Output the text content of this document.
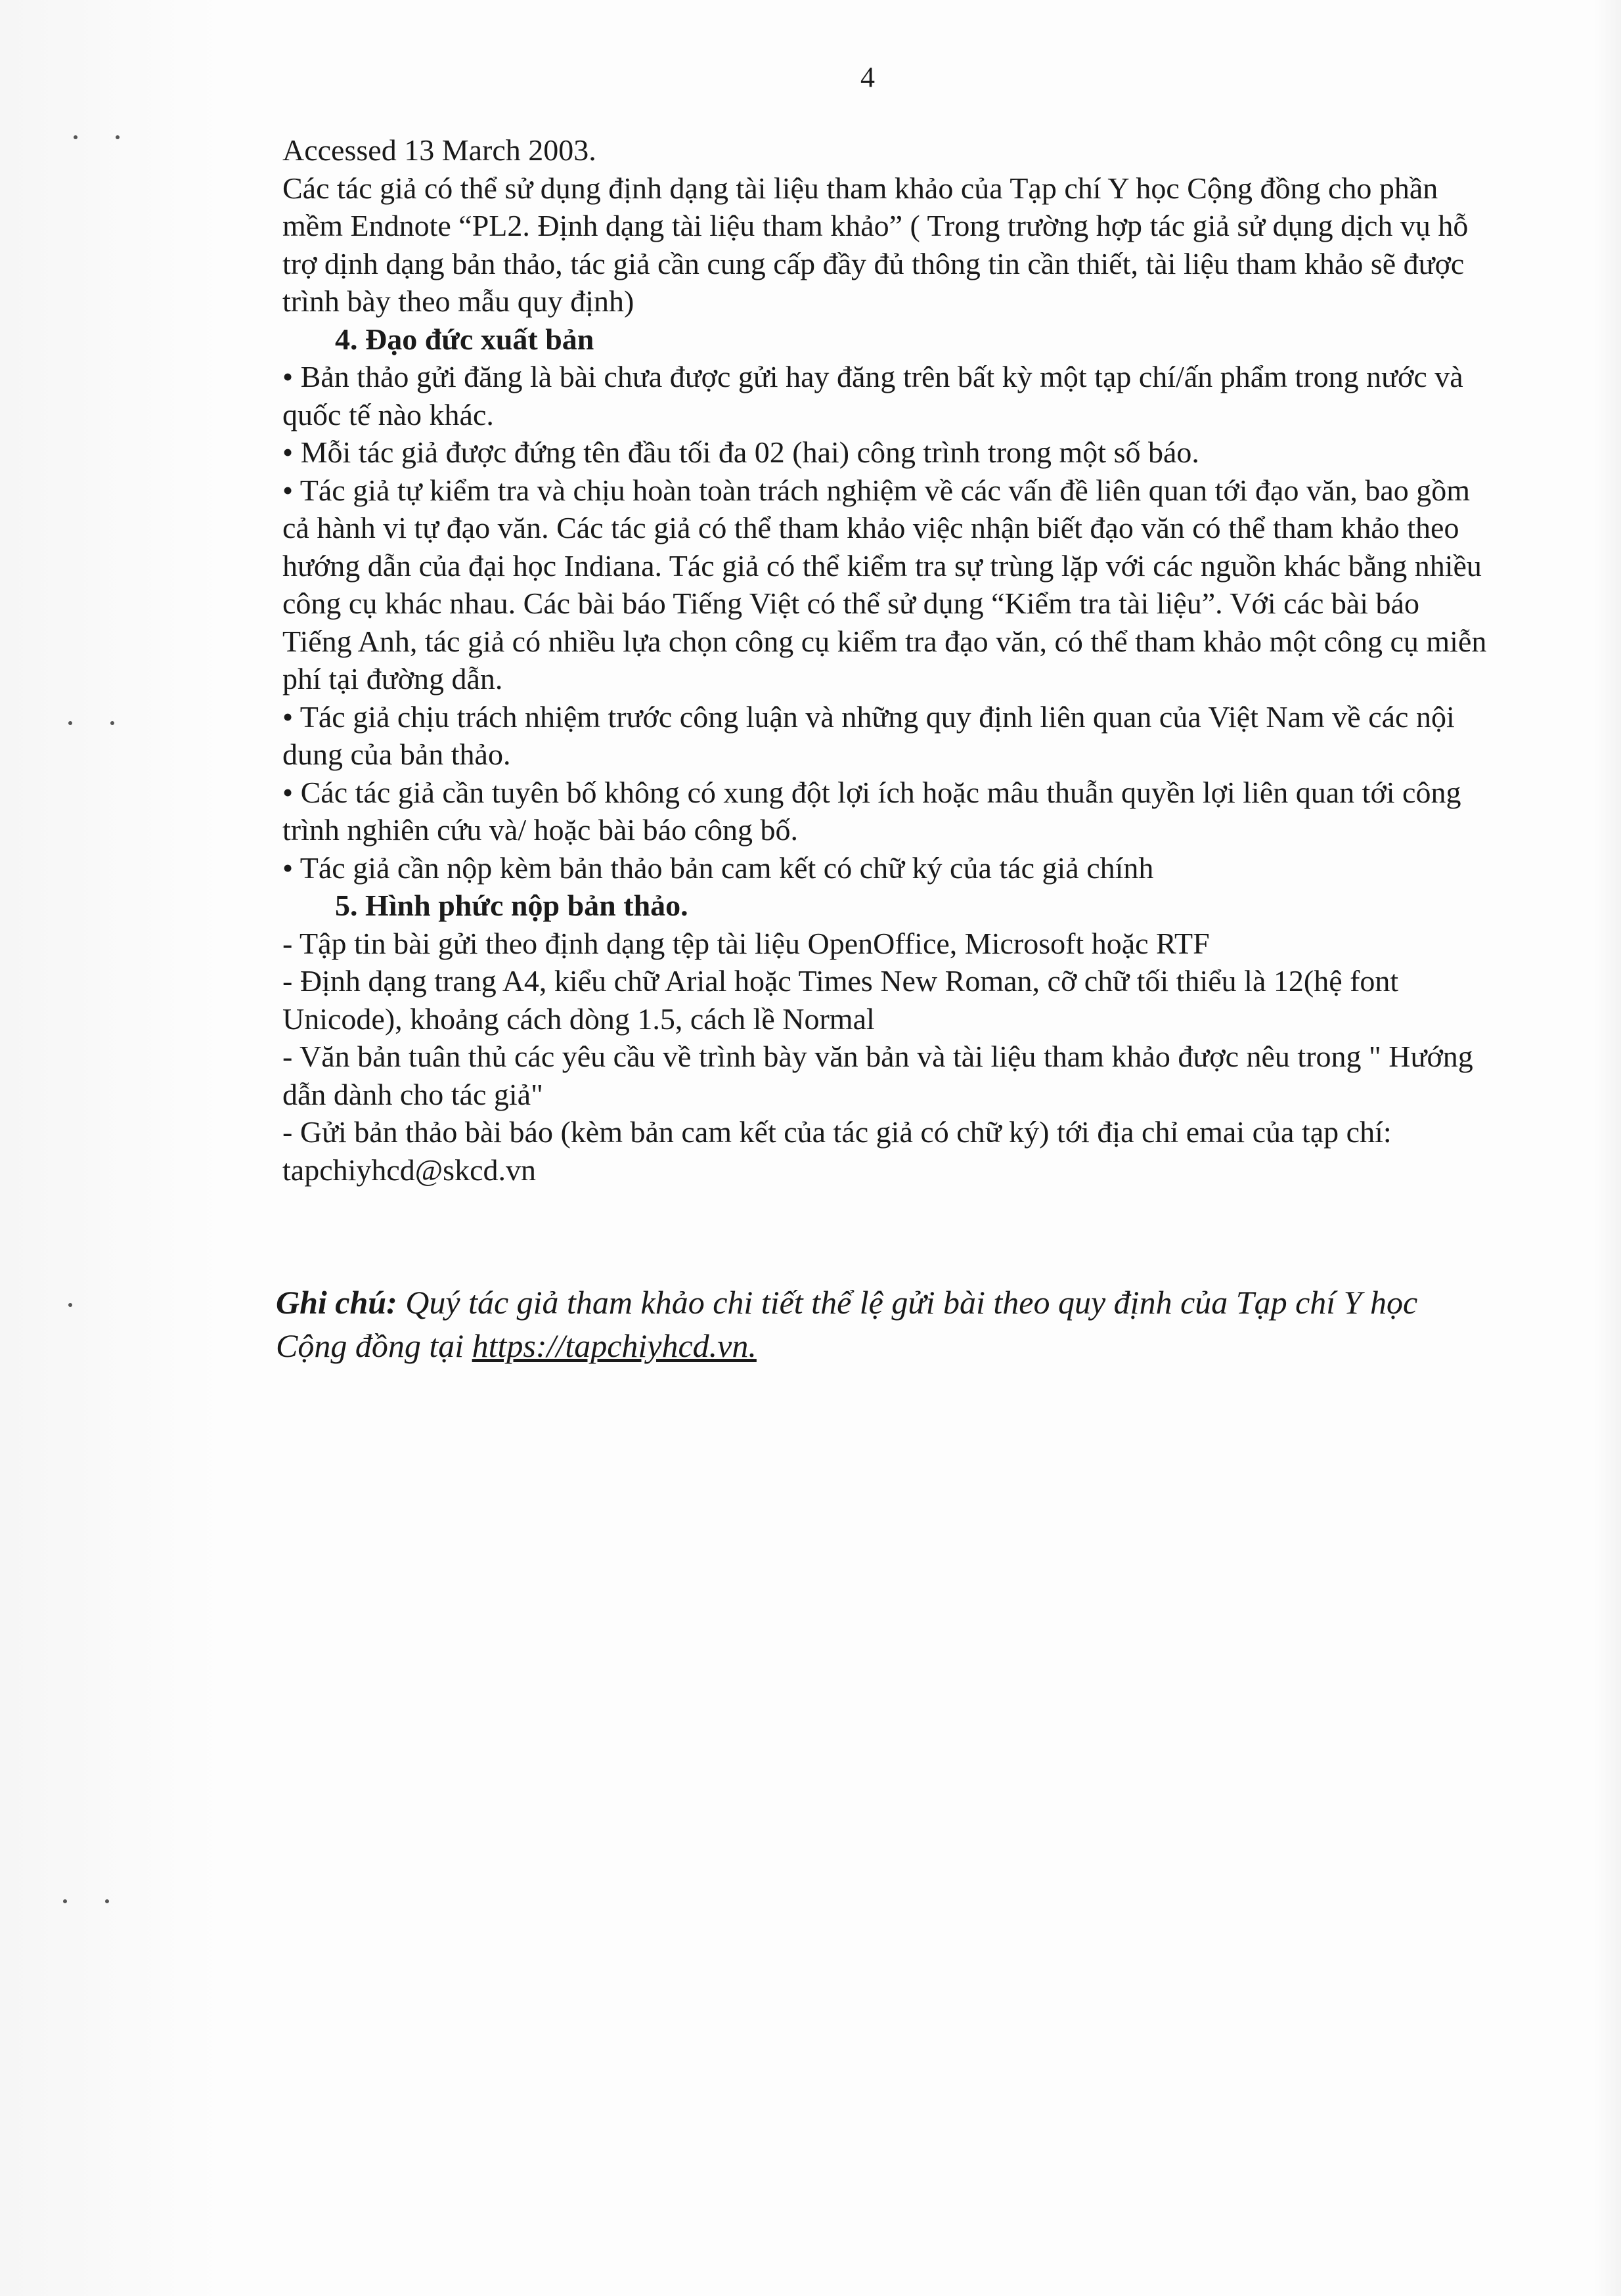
4

Accessed 13 March 2003.

Các tác giả có thể sử dụng định dạng tài liệu tham khảo của Tạp chí Y học Cộng đồng cho phần mềm Endnote “PL2. Định dạng tài liệu tham khảo” ( Trong trường hợp tác giả sử dụng dịch vụ hỗ trợ dịnh dạng bản thảo, tác giả cần cung cấp đầy đủ thông tin cần thiết, tài liệu tham khảo sẽ được trình bày theo mẫu quy định)

4. Đạo đức xuất bản

• Bản thảo gửi đăng là bài chưa được gửi hay đăng trên bất kỳ một tạp chí/ấn phẩm trong nước và quốc tế nào khác.

• Mỗi tác giả được đứng tên đầu tối đa 02 (hai) công trình trong một số báo.

• Tác giả tự kiểm tra và chịu hoàn toàn trách nghiệm về các vấn đề liên quan tới đạo văn, bao gồm cả hành vi tự đạo văn. Các tác giả có thể tham khảo việc nhận biết đạo văn có thể tham khảo theo hướng dẫn của đại học Indiana. Tác giả có thể kiểm tra sự trùng lặp với các nguồn khác bằng nhiều công cụ khác nhau. Các bài báo Tiếng Việt có thể sử dụng “Kiểm tra tài liệu”. Với các bài báo Tiếng Anh, tác giả có nhiều lựa chọn công cụ kiểm tra đạo văn, có thể tham khảo một công cụ miễn phí tại đường dẫn.

• Tác giả chịu trách nhiệm trước công luận và những quy định liên quan của Việt Nam về các nội dung của bản thảo.

• Các tác giả cần tuyên bố không có xung đột lợi ích hoặc mâu thuẫn quyền lợi liên quan tới công trình nghiên cứu và/ hoặc bài báo công bố.

• Tác giả cần nộp kèm bản thảo bản cam kết có chữ ký của tác giả chính

5. Hình phức nộp bản thảo.

- Tập tin bài gửi theo định dạng tệp tài liệu OpenOffice, Microsoft hoặc RTF

- Định dạng trang A4, kiểu chữ Arial hoặc Times New Roman, cỡ chữ tối thiểu là 12(hệ font Unicode), khoảng cách dòng 1.5, cách lề Normal

- Văn bản tuân thủ các yêu cầu về trình bày văn bản và tài liệu tham khảo được nêu trong " Hướng dẫn dành cho tác giả"

- Gửi bản thảo bài báo (kèm bản cam kết của tác giả có chữ ký) tới địa chỉ emai của tạp chí: tapchiyhcd@skcd.vn

Ghi chú: Quý tác giả tham khảo chi tiết thể lệ gửi bài theo quy định của Tạp chí Y học Cộng đồng tại https://tapchiyhcd.vn.
